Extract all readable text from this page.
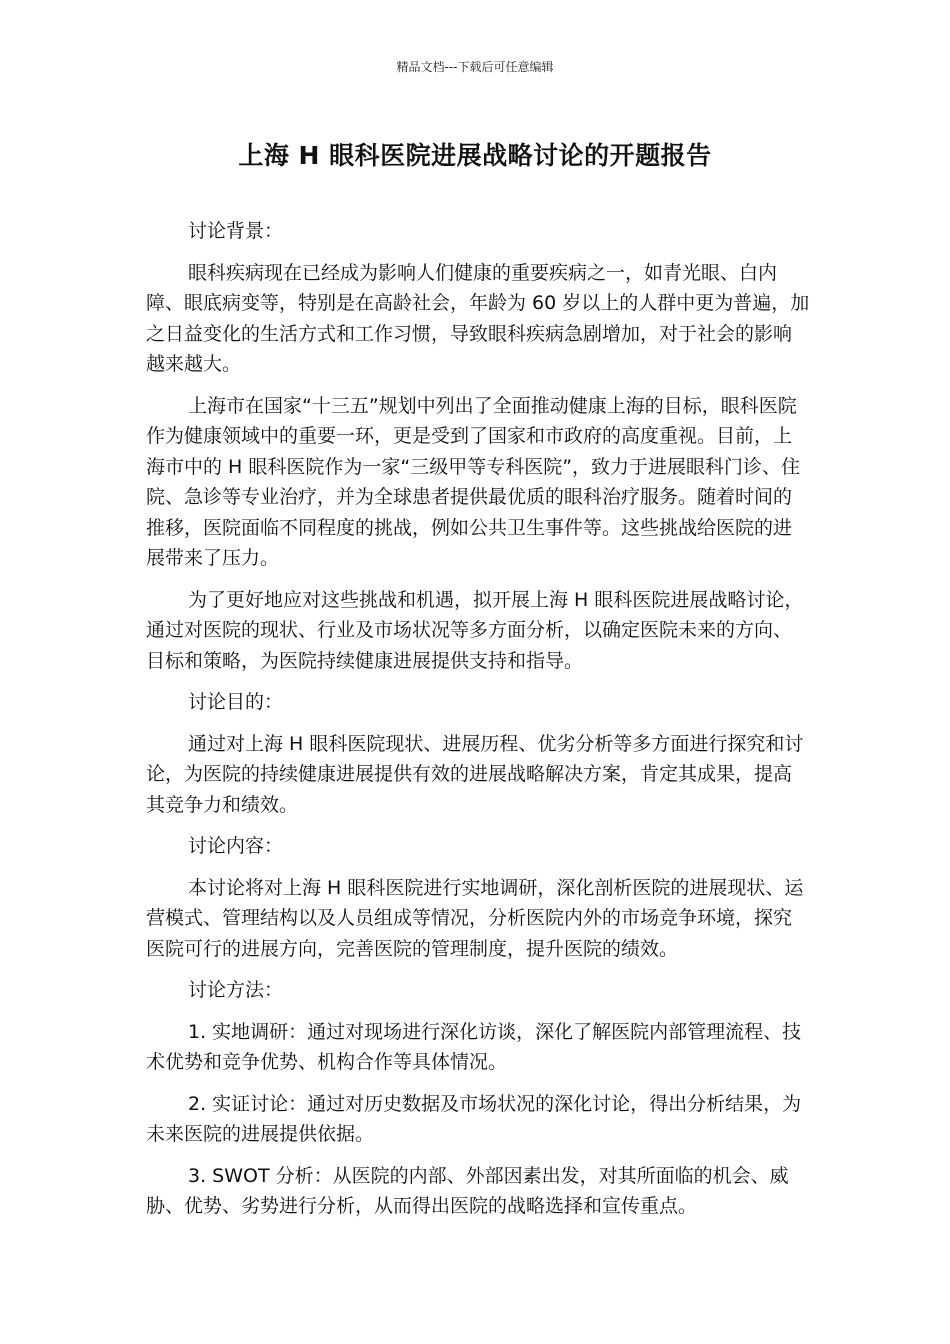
精品文档---下载后可任意编辑
上海 H 眼科医院进展战略讨论的开题报告

讨论背景：

眼科疾病现在已经成为影响人们健康的重要疾病之一，如青光眼、白内障、眼底病变等，特别是在高龄社会，年龄为 60 岁以上的人群中更为普遍，加之日益变化的生活方式和工作习惯，导致眼科疾病急剧增加，对于社会的影响越来越大。

上海市在国家“十三五”规划中列出了全面推动健康上海的目标，眼科医院作为健康领域中的重要一环，更是受到了国家和市政府的高度重视。目前，上海市中的 H 眼科医院作为一家“三级甲等专科医院”，致力于进展眼科门诊、住院、急诊等专业治疗，并为全球患者提供最优质的眼科治疗服务。随着时间的推移，医院面临不同程度的挑战，例如公共卫生事件等。这些挑战给医院的进展带来了压力。

为了更好地应对这些挑战和机遇，拟开展上海 H 眼科医院进展战略讨论，通过对医院的现状、行业及市场状况等多方面分析，以确定医院未来的方向、目标和策略，为医院持续健康进展提供支持和指导。

讨论目的：

通过对上海 H 眼科医院现状、进展历程、优劣分析等多方面进行探究和讨论，为医院的持续健康进展提供有效的进展战略解决方案，肯定其成果，提高其竞争力和绩效。

讨论内容：

本讨论将对上海 H 眼科医院进行实地调研，深化剖析医院的进展现状、运营模式、管理结构以及人员组成等情况，分析医院内外的市场竞争环境，探究医院可行的进展方向，完善医院的管理制度，提升医院的绩效。

讨论方法：

1. 实地调研：通过对现场进行深化访谈，深化了解医院内部管理流程、技术优势和竞争优势、机构合作等具体情况。

2. 实证讨论：通过对历史数据及市场状况的深化讨论，得出分析结果，为未来医院的进展提供依据。

3. SWOT 分析：从医院的内部、外部因素出发，对其所面临的机会、威胁、优势、劣势进行分析，从而得出医院的战略选择和宣传重点。
